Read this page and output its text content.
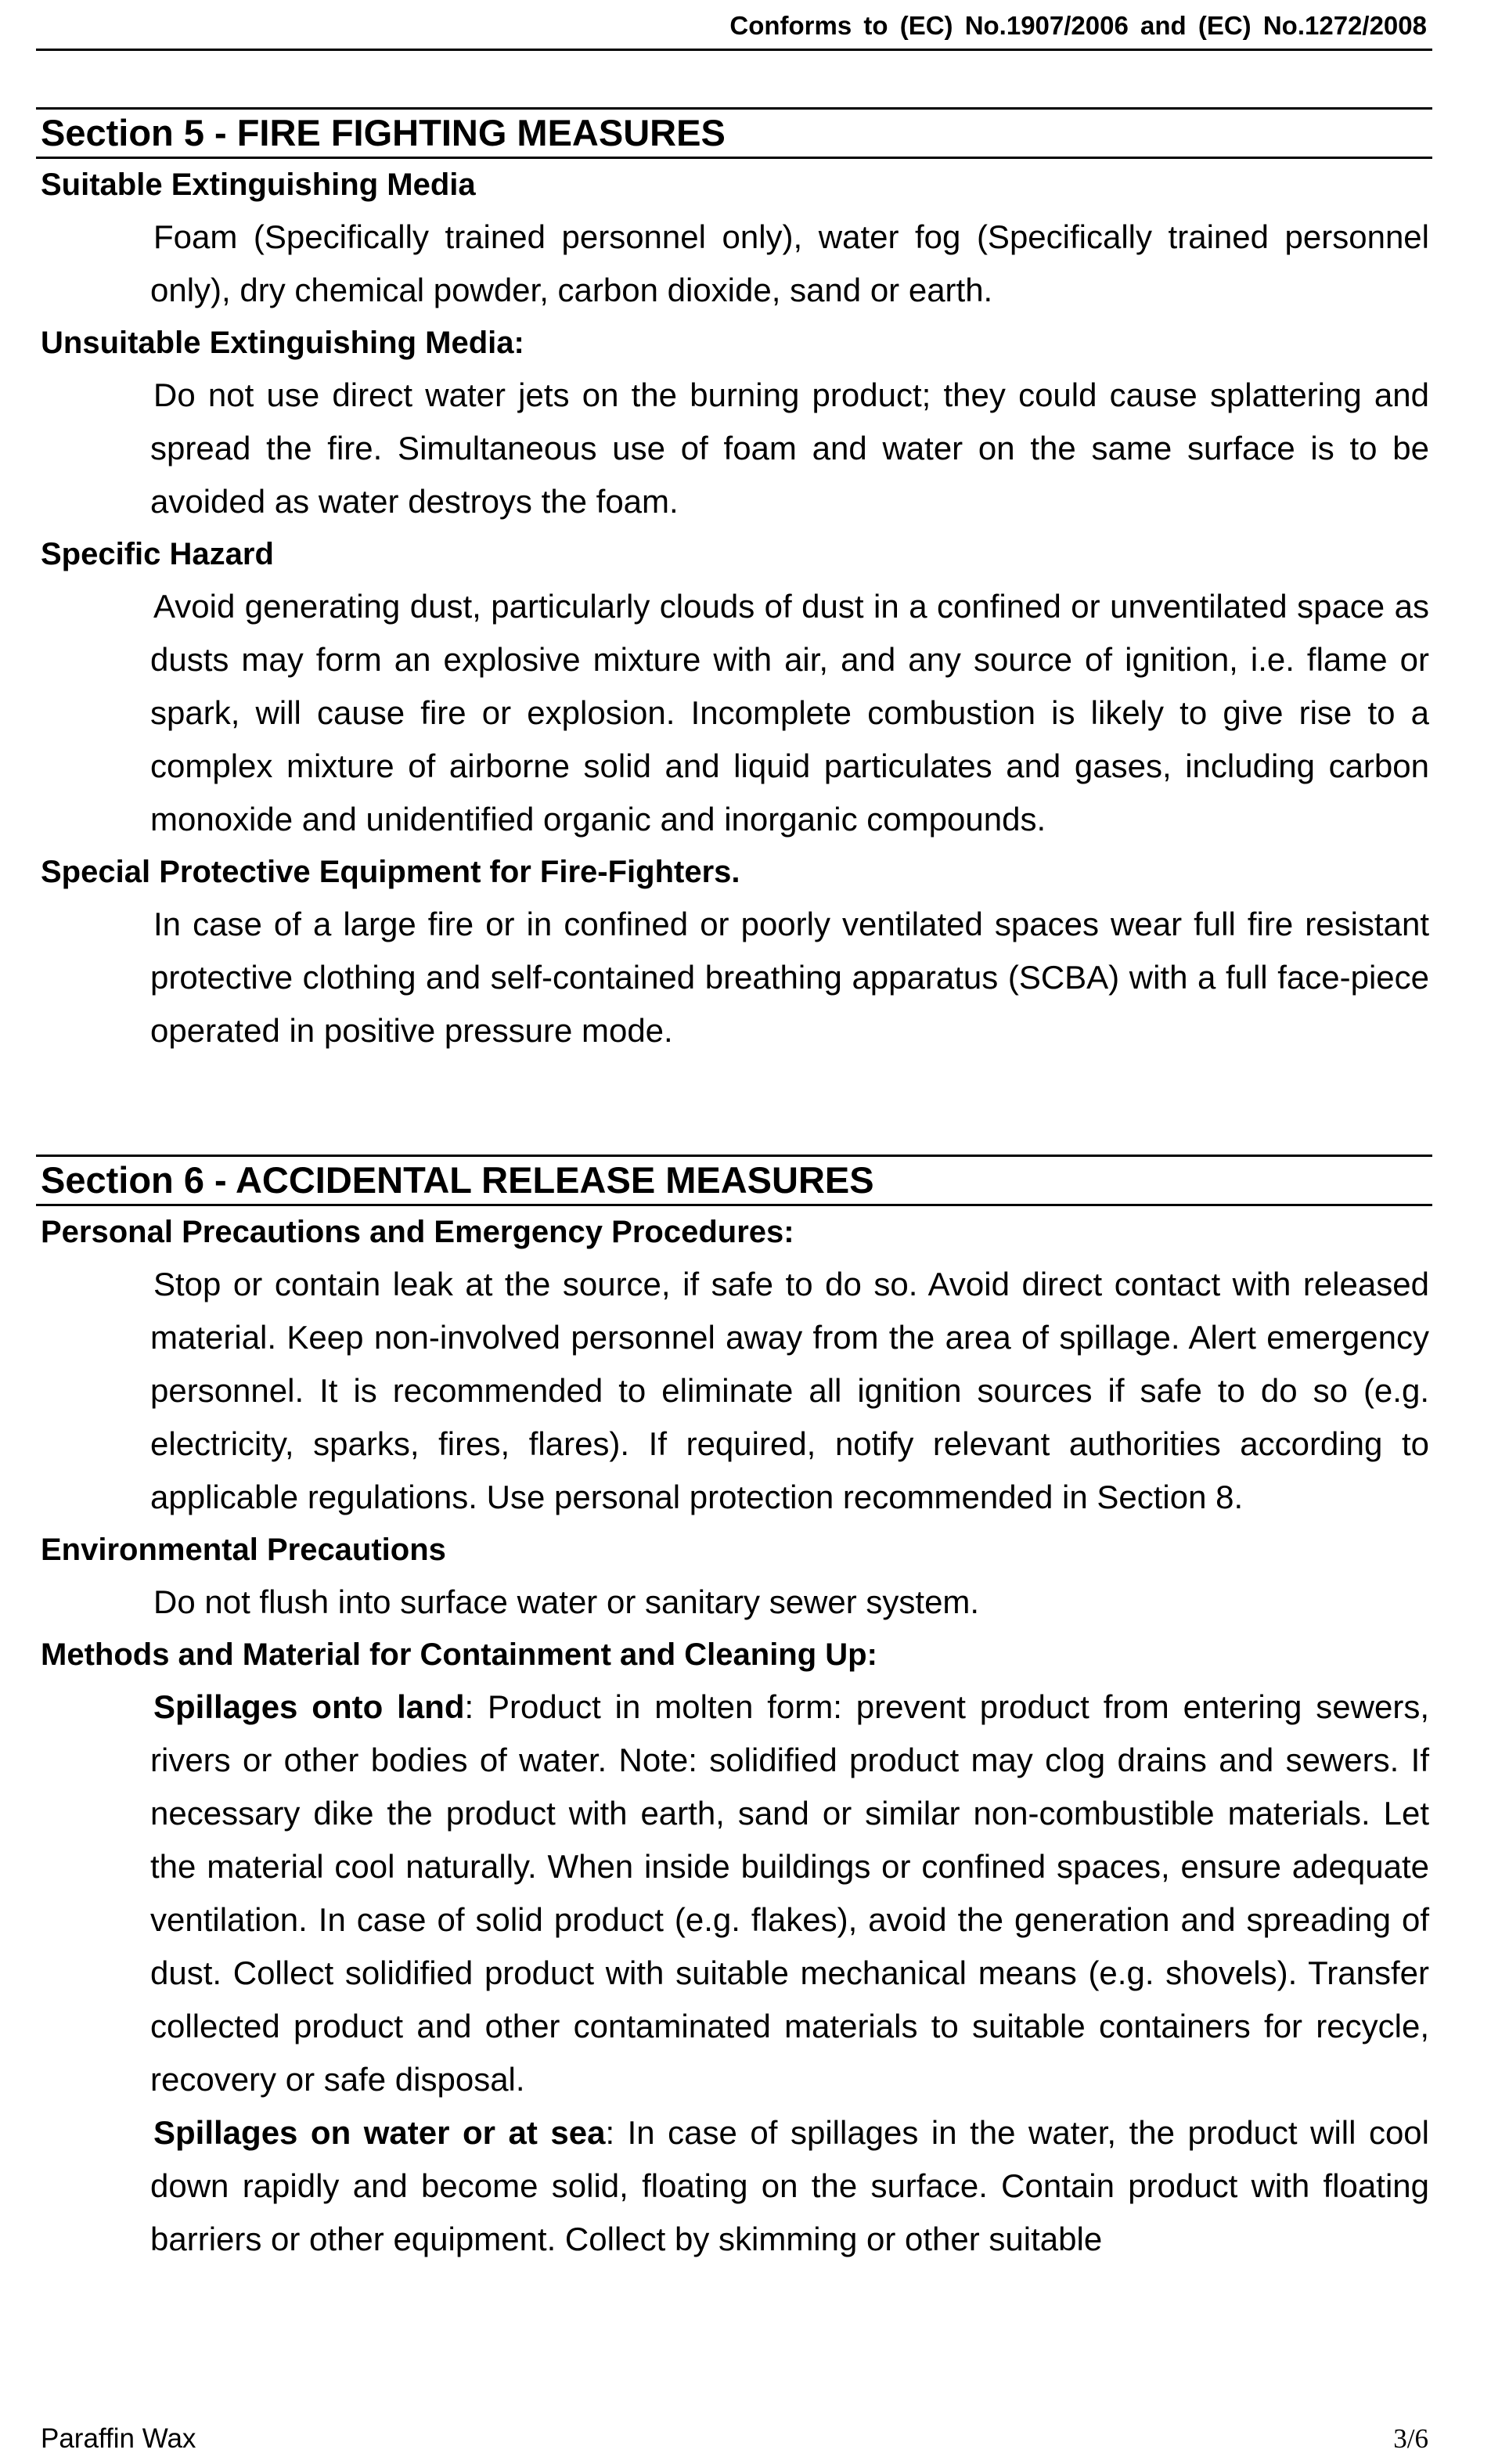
Conforms to (EC) No.1907/2006 and (EC) No.1272/2008
Section 5 - FIRE FIGHTING MEASURES
Suitable Extinguishing Media
Foam (Specifically trained personnel only), water fog (Specifically trained personnel only), dry chemical powder, carbon dioxide, sand or earth.
Unsuitable Extinguishing Media:
Do not use direct water jets on the burning product; they could cause splattering and spread the fire. Simultaneous use of foam and water on the same surface is to be avoided as water destroys the foam.
Specific Hazard
Avoid generating dust, particularly clouds of dust in a confined or unventilated space as dusts may form an explosive mixture with air, and any source of ignition, i.e. flame or spark, will cause fire or explosion. Incomplete combustion is likely to give rise to a complex mixture of airborne solid and liquid particulates and gases, including carbon monoxide and unidentified organic and inorganic compounds.
Special Protective Equipment for Fire-Fighters.
In case of a large fire or in confined or poorly ventilated spaces wear full fire resistant protective clothing and self-contained breathing apparatus (SCBA) with a full face-piece operated in positive pressure mode.
Section 6 - ACCIDENTAL RELEASE MEASURES
Personal Precautions and Emergency Procedures:
Stop or contain leak at the source, if safe to do so. Avoid direct contact with released material. Keep non-involved personnel away from the area of spillage. Alert emergency personnel. It is recommended to eliminate all ignition sources if safe to do so (e.g. electricity, sparks, fires, flares). If required, notify relevant authorities according to applicable regulations. Use personal protection recommended in Section 8.
Environmental Precautions
Do not flush into surface water or sanitary sewer system.
Methods and Material for Containment and Cleaning Up:
Spillages onto land: Product in molten form: prevent product from entering sewers, rivers or other bodies of water. Note: solidified product may clog drains and sewers. If necessary dike the product with earth, sand or similar non-combustible materials. Let the material cool naturally. When inside buildings or confined spaces, ensure adequate ventilation. In case of solid product (e.g. flakes), avoid the generation and spreading of dust. Collect solidified product with suitable mechanical means (e.g. shovels). Transfer collected product and other contaminated materials to suitable containers for recycle, recovery or safe disposal.
Spillages on water or at sea: In case of spillages in the water, the product will cool down rapidly and become solid, floating on the surface. Contain product with floating barriers or other equipment. Collect by skimming or other suitable
Paraffin Wax	3/6
